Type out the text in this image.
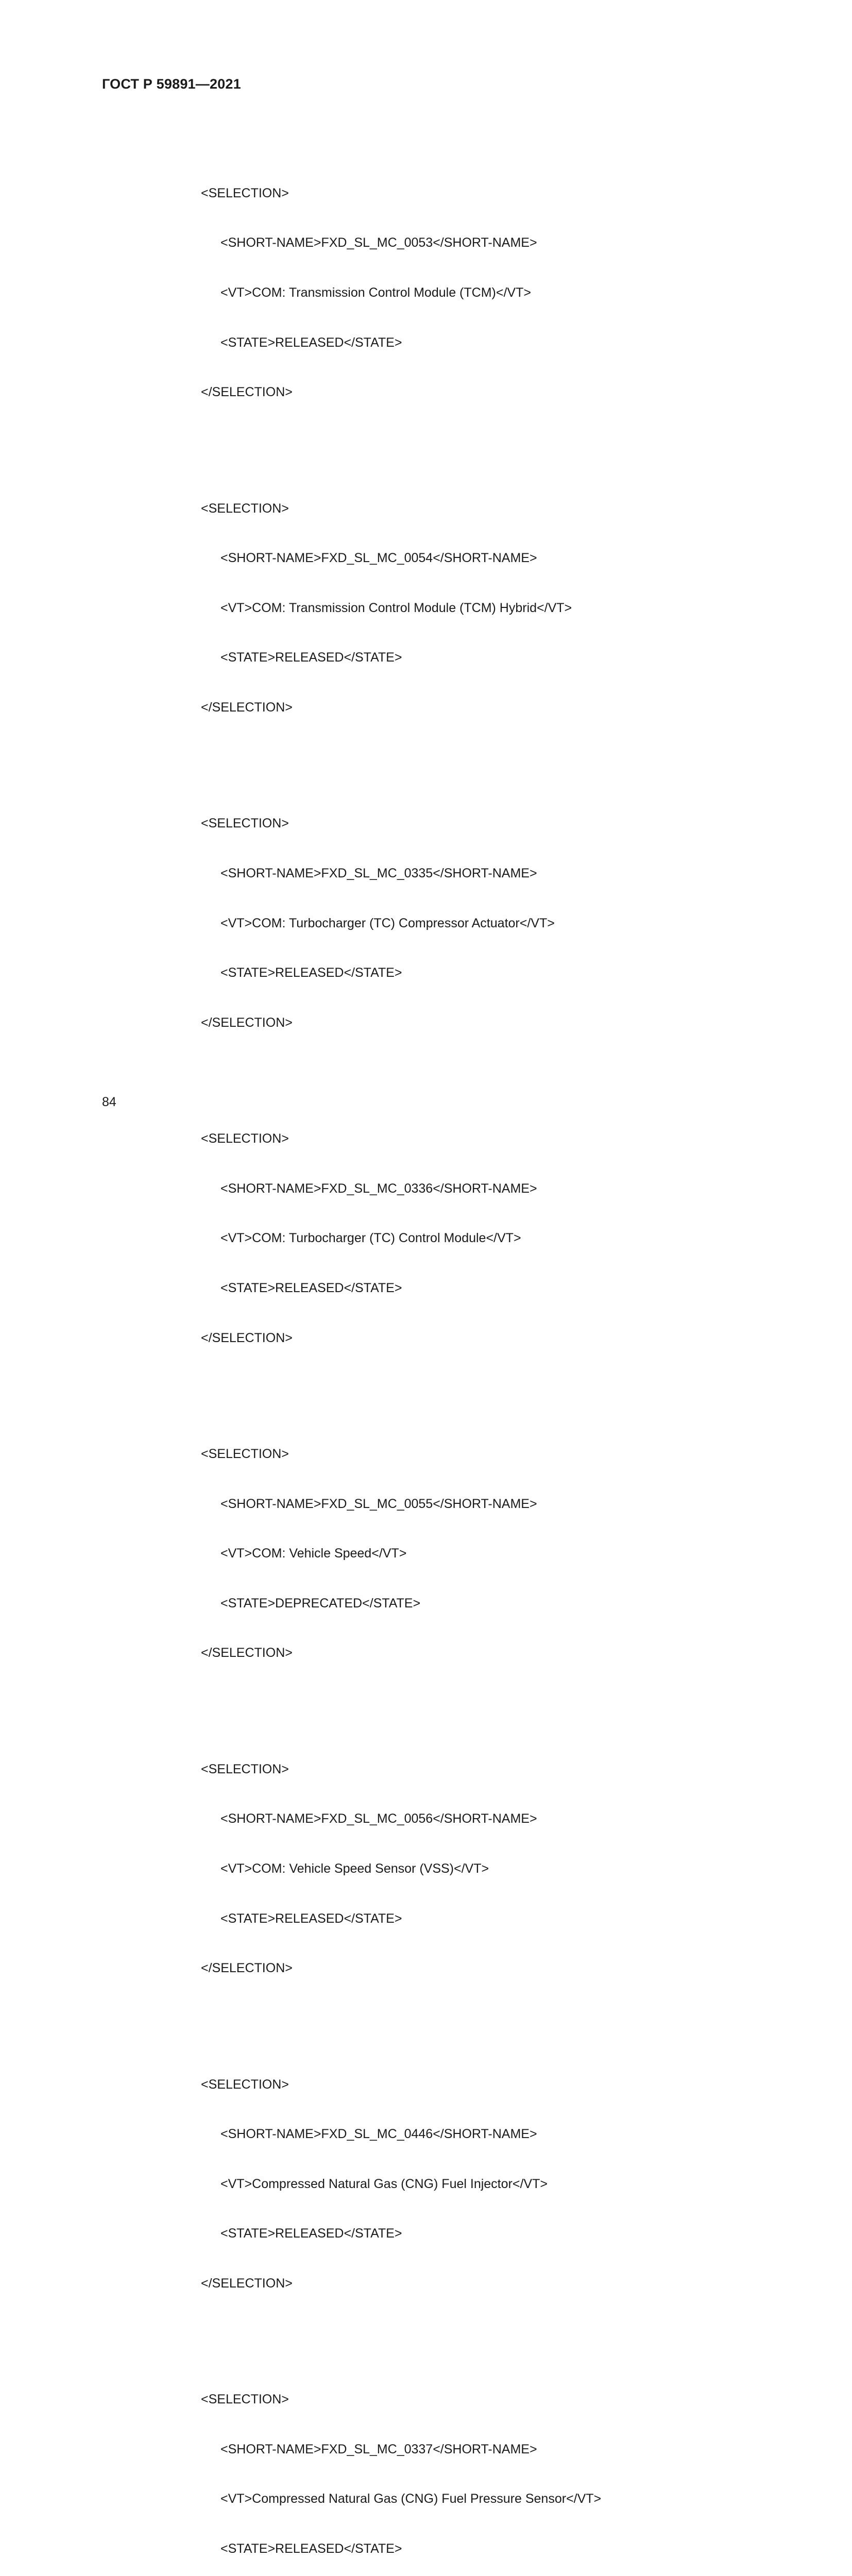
ГОСТ Р 59891—2021

<SELECTION>

<SHORT-NAME>FXD_SL_MC_0053</SHORT-NAME>

<VT>COM: Transmission Control Module (TCM)</VT>

<STATE>RELEASED</STATE>

</SELECTION>

<SELECTION>

<SHORT-NAME>FXD_SL_MC_0054</SHORT-NAME>

<VT>COM: Transmission Control Module (TCM) Hybrid</VT>

<STATE>RELEASED</STATE>

</SELECTION>

<SELECTION>

<SHORT-NAME>FXD_SL_MC_0335</SHORT-NAME>

<VT>COM: Turbocharger (TC) Compressor Actuator</VT>

<STATE>RELEASED</STATE>

</SELECTION>

<SELECTION>

<SHORT-NAME>FXD_SL_MC_0336</SHORT-NAME>

<VT>COM: Turbocharger (TC) Control Module</VT>

<STATE>RELEASED</STATE>

</SELECTION>

<SELECTION>

<SHORT-NAME>FXD_SL_MC_0055</SHORT-NAME>

<VT>COM: Vehicle Speed</VT>

<STATE>DEPRECATED</STATE>

</SELECTION>

<SELECTION>

<SHORT-NAME>FXD_SL_MC_0056</SHORT-NAME>

<VT>COM: Vehicle Speed Sensor (VSS)</VT>

<STATE>RELEASED</STATE>

</SELECTION>

<SELECTION>

<SHORT-NAME>FXD_SL_MC_0446</SHORT-NAME>

<VT>Compressed Natural Gas (CNG) Fuel Injector</VT>

<STATE>RELEASED</STATE>

</SELECTION>

<SELECTION>

<SHORT-NAME>FXD_SL_MC_0337</SHORT-NAME>

<VT>Compressed Natural Gas (CNG) Fuel Pressure Sensor</VT>

<STATE>RELEASED</STATE>

84
